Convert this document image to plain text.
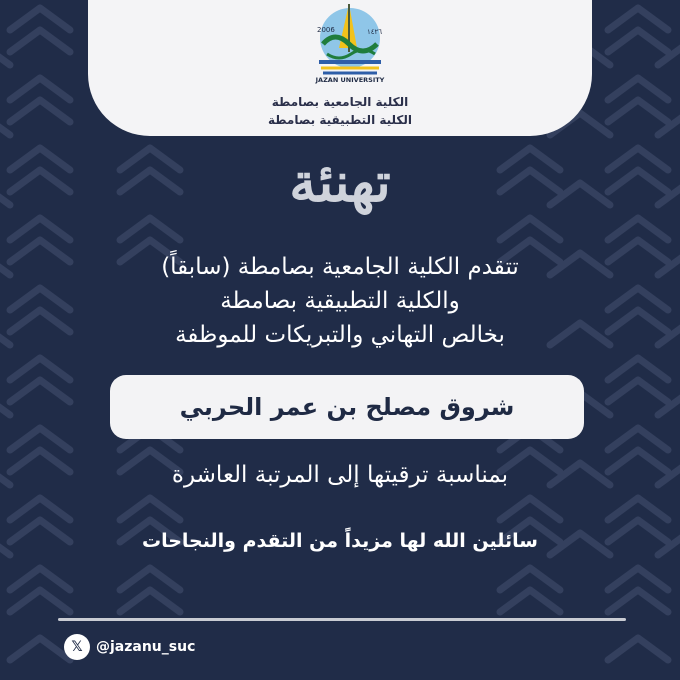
2006	١٤٢٦
JAZAN UNIVERSITY
الكلية الجامعية بصامطة
الكلية التطبيقية بصامطة
تهنئة
تتقدم الكلية الجامعية بصامطة (سابقاً)
والكلية التطبيقية بصامطة
بخالص التهاني والتبريكات للموظفة
شروق مصلح بن عمر الحربي
بمناسبة ترقيتها إلى المرتبة العاشرة
سائلين الله لها مزيداً من التقدم والنجاحات
𝕏 @jazanu_suc
